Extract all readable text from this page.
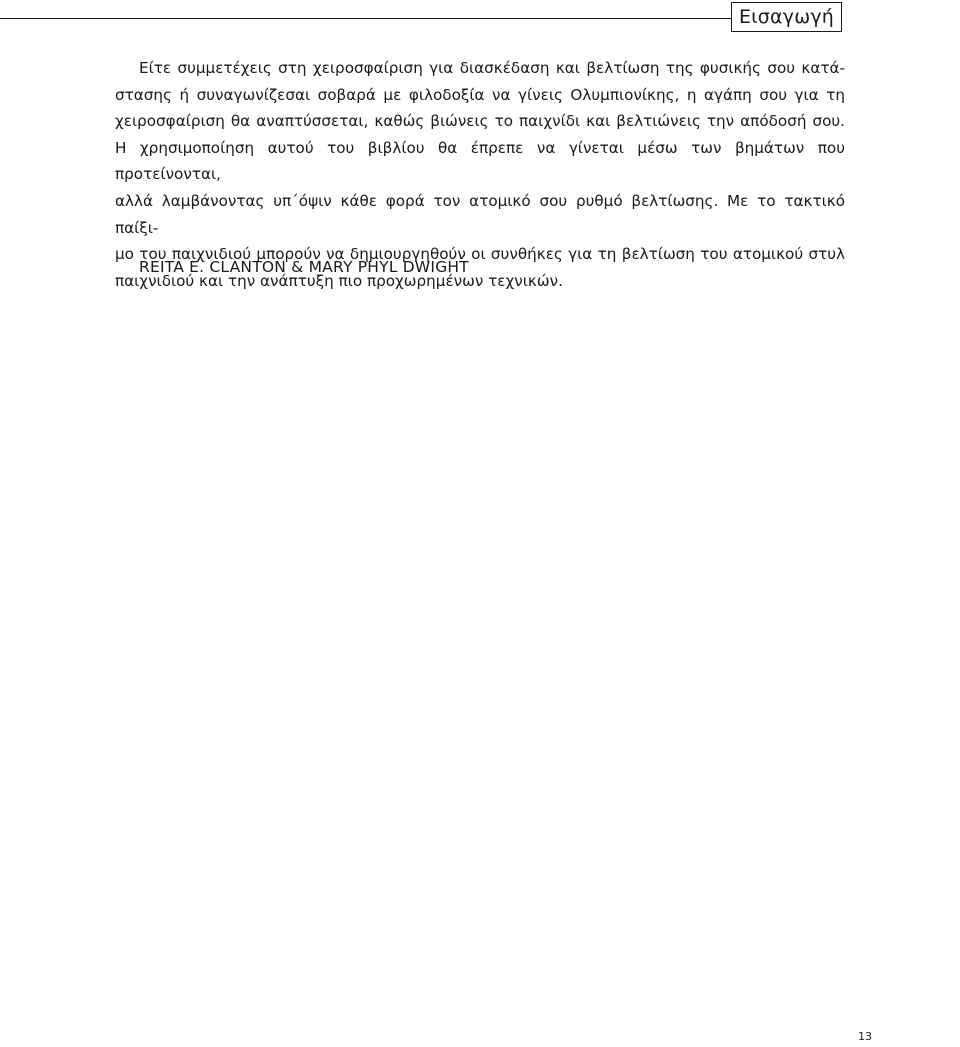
Εισαγωγή
Είτε συμμετέχεις στη χειροσφαίριση για διασκέδαση και βελτίωση της φυσικής σου κατά-
στασης ή συναγωνίζεσαι σοβαρά με φιλοδοξία να γίνεις Ολυμπιονίκης, η αγάπη σου για τη
χειροσφαίριση θα αναπτύσσεται, καθώς βιώνεις το παιχνίδι και βελτιώνεις την απόδοσή σου.
Η χρησιμοποίηση αυτού του βιβλίου θα έπρεπε να γίνεται μέσω των βημάτων που προτείνονται,
αλλά λαμβάνοντας υπ΄όψιν κάθε φορά τον ατομικό σου ρυθμό βελτίωσης. Με το τακτικό παίξι-
μο του παιχνιδιού μπορούν να δημιουργηθούν οι συνθήκες για τη βελτίωση του ατομικού στυλ
παιχνιδιού και την ανάπτυξη πιο προχωρημένων τεχνικών.

REITA E. CLANTON & MARY PHYL DWIGHT

13
